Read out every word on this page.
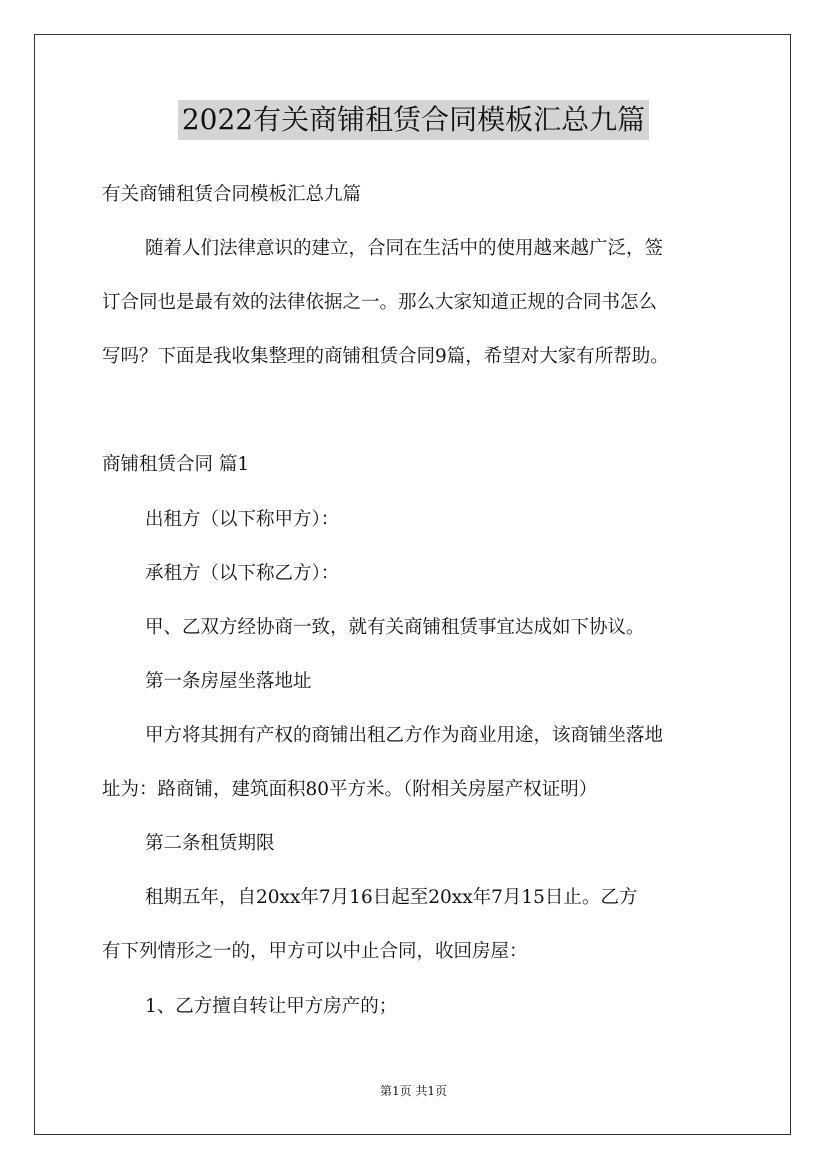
2022有关商铺租赁合同模板汇总九篇
有关商铺租赁合同模板汇总九篇
随着人们法律意识的建立，合同在生活中的使用越来越广泛，签
订合同也是最有效的法律依据之一。那么大家知道正规的合同书怎么
写吗？下面是我收集整理的商铺租赁合同9篇，希望对大家有所帮助。
商铺租赁合同 篇1
出租方（以下称甲方）：
承租方（以下称乙方）：
甲、乙双方经协商一致，就有关商铺租赁事宜达成如下协议。
第一条房屋坐落地址
甲方将其拥有产权的商铺出租乙方作为商业用途，该商铺坐落地
址为：路商铺，建筑面积80平方米。（附相关房屋产权证明）
第二条租赁期限
租期五年，自20xx年7月16日起至20xx年7月15日止。乙方
有下列情形之一的，甲方可以中止合同，收回房屋：
1、乙方擅自转让甲方房产的；
第1页 共1页
